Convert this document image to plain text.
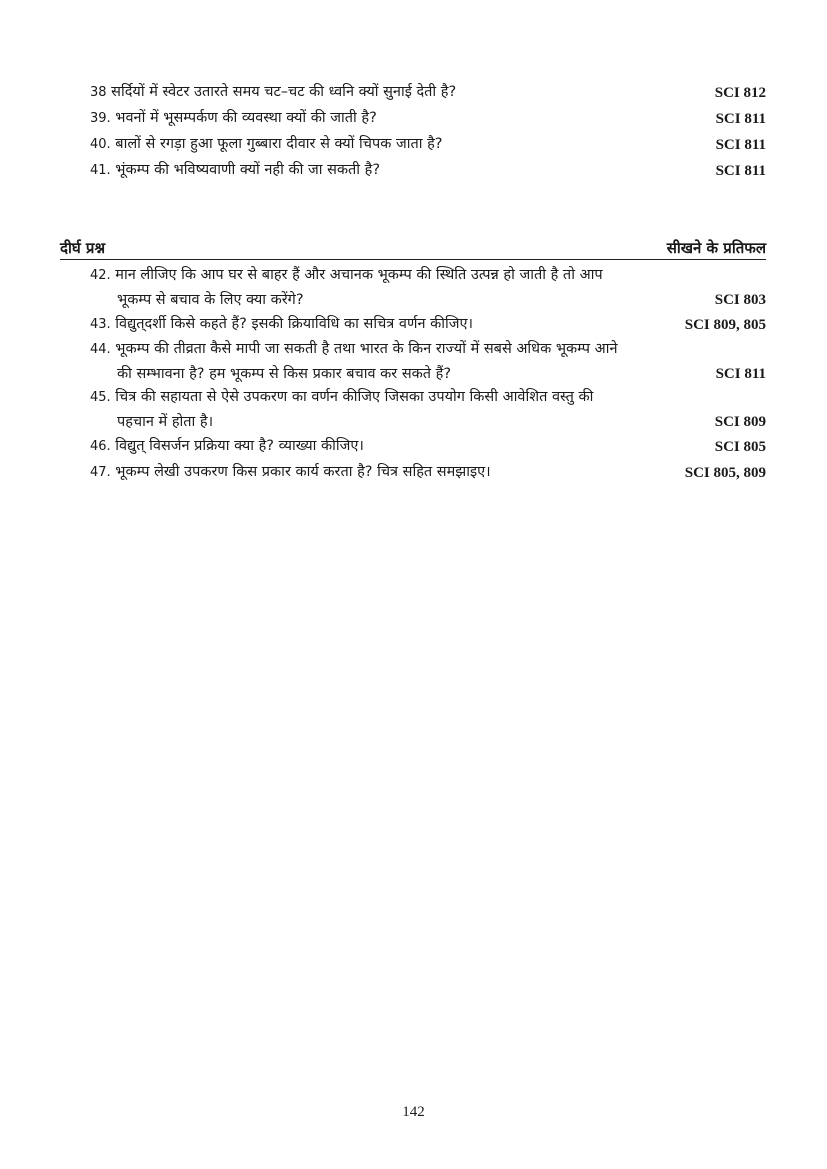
38 सर्दियों में स्वेटर उतारते समय चट–चट की ध्वनि क्यों सुनाई देती है?	SCI 812
39. भवनों में भूसम्पर्कण की व्यवस्था क्यों की जाती है?	SCI 811
40. बालों से रगड़ा हुआ फूला गुब्बारा दीवार से क्यों चिपक जाता है?	SCI 811
41. भूंकम्प की भविष्यवाणी क्यों नही की जा सकती है?	SCI 811
दीर्घ प्रश्न	सीखने के प्रतिफल
42. मान लीजिए कि आप घर से बाहर हैं और अचानक भूकम्प की स्थिति उत्पन्न हो जाती है तो आप
भूकम्प से बचाव के लिए क्या करेंगे?	SCI 803
43. विद्युत्‌दर्शी किसे कहते हैं? इसकी क्रियाविधि का सचित्र वर्णन कीजिए।	SCI 809, 805
44. भूकम्प की तीव्रता कैसे मापी जा सकती है तथा भारत के किन राज्यों में सबसे अधिक भूकम्प आने
की सम्भावना है? हम भूकम्प से किस प्रकार बचाव कर सकते हैं?	SCI 811
45. चित्र की सहायता से ऐसे उपकरण का वर्णन कीजिए जिसका उपयोग किसी आवेशित वस्तु की
पहचान में होता है।	SCI 809
46. विद्युत्‌ विसर्जन प्रक्रिया क्या है? व्याख्या कीजिए।	SCI 805
47. भूकम्प लेखी उपकरण किस प्रकार कार्य करता है? चित्र सहित समझाइए।	SCI 805, 809
142
